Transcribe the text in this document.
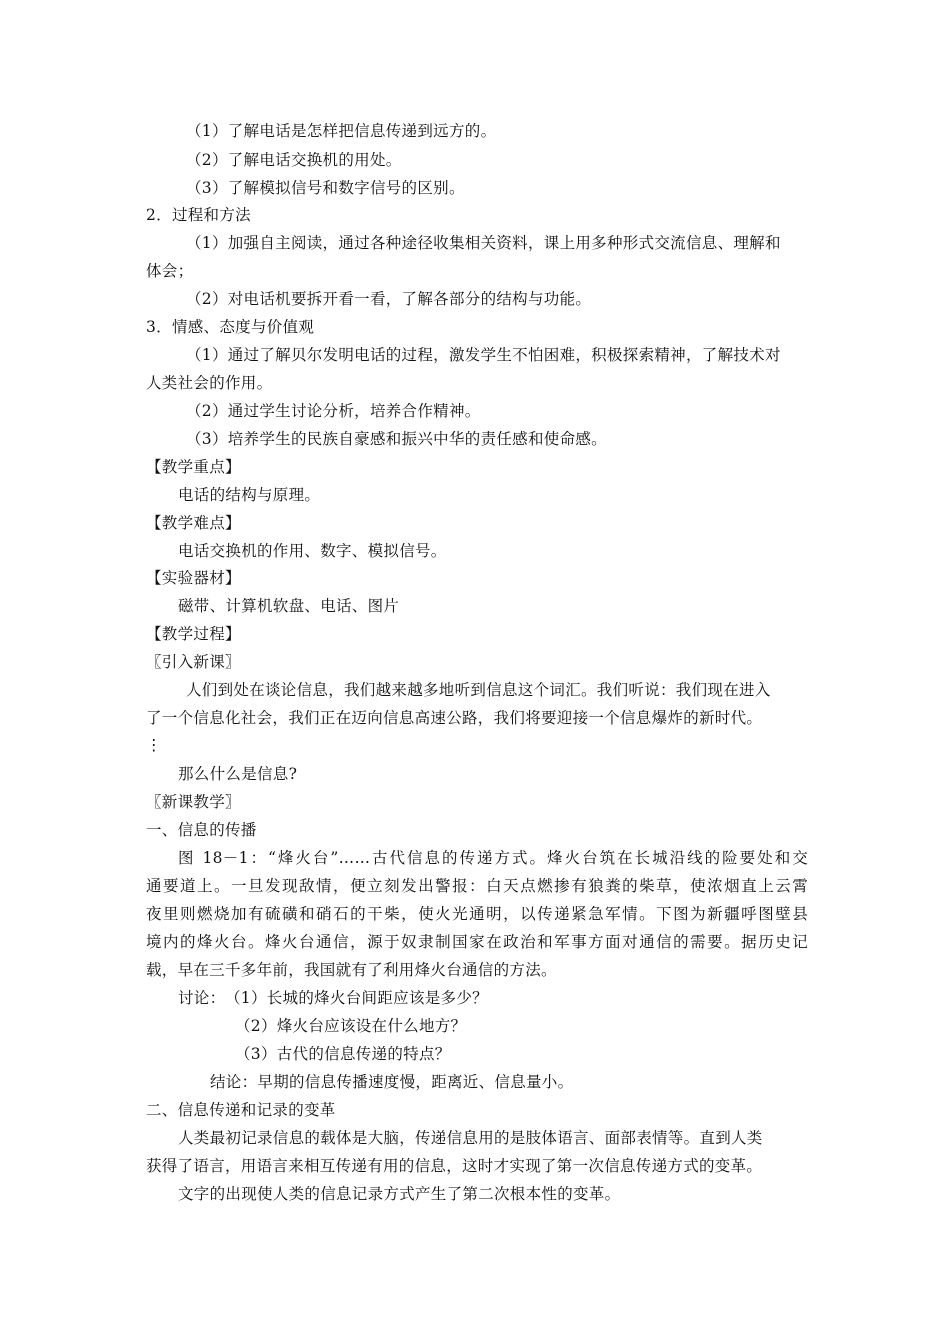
（1）了解电话是怎样把信息传递到远方的。
（2）了解电话交换机的用处。
（3）了解模拟信号和数字信号的区别。
2．过程和方法
（1）加强自主阅读，通过各种途径收集相关资料，课上用多种形式交流信息、理解和
体会；
（2）对电话机要拆开看一看，了解各部分的结构与功能。
3．情感、态度与价值观
（1）通过了解贝尔发明电话的过程，激发学生不怕困难，积极探索精神，了解技术对
人类社会的作用。
（2）通过学生讨论分析，培养合作精神。
（3）培养学生的民族自豪感和振兴中华的责任感和使命感。
【教学重点】
电话的结构与原理。
【教学难点】
电话交换机的作用、数字、模拟信号。
【实验器材】
磁带、计算机软盘、电话、图片
【教学过程】
〖引入新课〗
人们到处在谈论信息，我们越来越多地听到信息这个词汇。我们听说：我们现在进入
了一个信息化社会，我们正在迈向信息高速公路，我们将要迎接一个信息爆炸的新时代。
⋮
那么什么是信息?
〖新课教学〗
一、信息的传播
图 18－1：“烽火台”……古代信息的传递方式。烽火台筑在长城沿线的险要处和交
通要道上。一旦发现敌情，便立刻发出警报：白天点燃掺有狼粪的柴草，使浓烟直上云霄
夜里则燃烧加有硫磺和硝石的干柴，使火光通明，以传递紧急军情。下图为新疆呼图壁县
境内的烽火台。烽火台通信，源于奴隶制国家在政治和军事方面对通信的需要。据历史记
载，早在三千多年前，我国就有了利用烽火台通信的方法。
讨论： （1）长城的烽火台间距应该是多少？
（2）烽火台应该设在什么地方？
（3）古代的信息传递的特点？
结论：早期的信息传播速度慢，距离近、信息量小。
二、信息传递和记录的变革
人类最初记录信息的载体是大脑，传递信息用的是肢体语言、面部表情等。直到人类
获得了语言，用语言来相互传递有用的信息，这时才实现了第一次信息传递方式的变革。
文字的出现使人类的信息记录方式产生了第二次根本性的变革。
